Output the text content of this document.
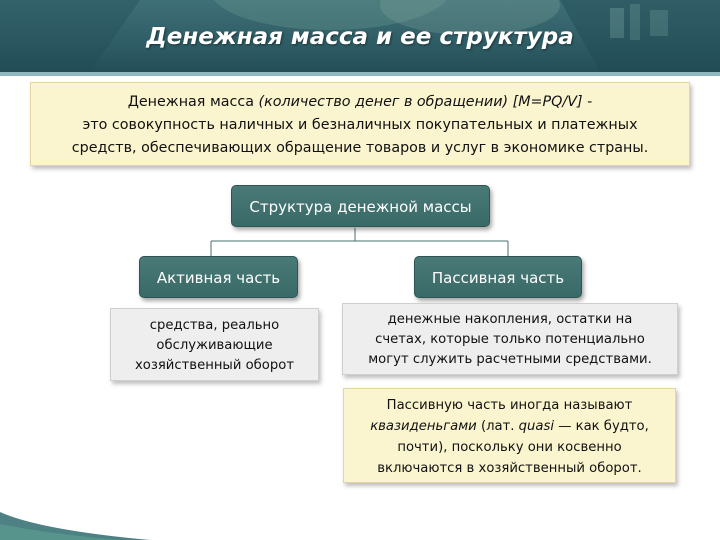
Денежная масса и ее структура
Денежная масса (количество денег в обращении) [M=PQ/V] -
это совокупность наличных и безналичных покупательных и платежных
средств, обеспечивающих обращение товаров и услуг в экономике страны.
Структура денежной массы
Активная часть	Пассивная часть
средства, реально
обслуживающие
хозяйственный оборот
денежные накопления, остатки на
счетах, которые только потенциально
могут служить расчетными средствами.
Пассивную часть иногда называют
квазиденьгами (лат. quasi — как будто,
почти), поскольку они косвенно
включаются в хозяйственный оборот.
